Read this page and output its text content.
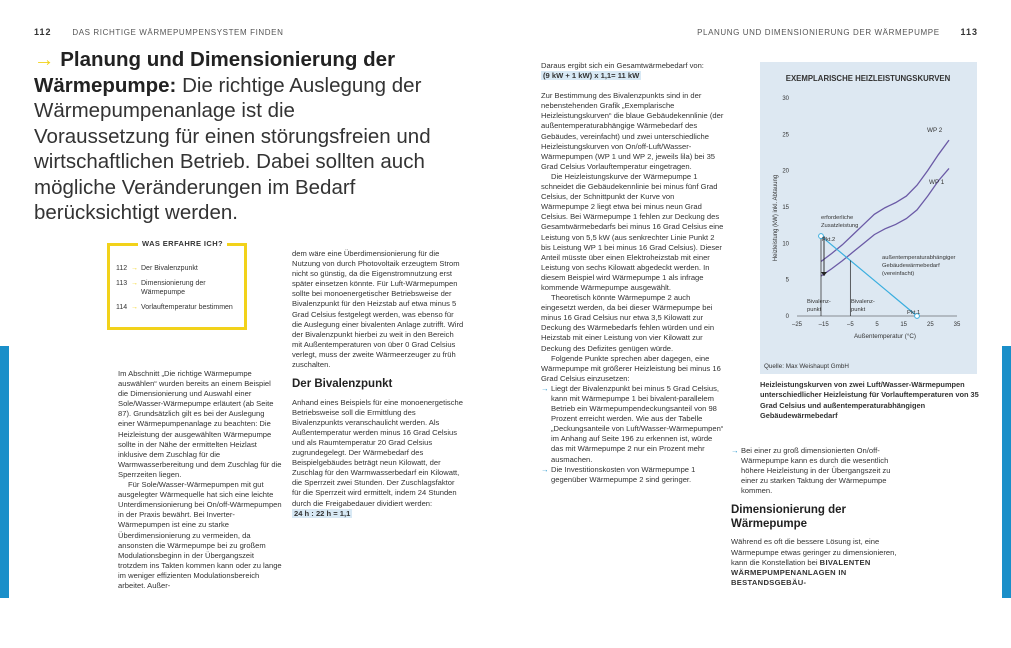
112	DAS RICHTIGE WÄRMEPUMPENSYSTEM FINDEN	PLANUNG UND DIMENSIONIERUNG DER WÄRMEPUMPE 113
→ Planung und Dimensionierung der Wärmepumpe: Die richtige Auslegung der Wärmepumpenanlage ist die Voraussetzung für einen störungsfreien und wirtschaftlichen Betrieb. Dabei sollten auch mögliche Veränderungen im Bedarf berücksichtigt werden.
WAS ERFAHRE ICH?
112 → Der Bivalenzpunkt
113 → Dimensionierung der Wärmepumpe
114 → Vorlauftemperatur bestimmen

Im Abschnitt „Die richtige Wärmepumpe auswählen“ wurden bereits an einem Beispiel die Dimensionierung und Auswahl einer Sole/Wasser-Wärmepumpe erläutert (ab Seite 87). Grundsätzlich gilt es bei der Auslegung einer Wärmepumpenanlage zu beachten: Die Heizleistung der ausgewählten Wärmepumpe sollte in der Nähe der ermittelten Heizlast inklusive dem Zuschlag für die Warmwasserbereitung und dem Zuschlag für die Sperrzeiten liegen.

Für Sole/Wasser-Wärmepumpen mit gut ausgelegter Wärmequelle hat sich eine leichte Unterdimensionierung bei On/off-Wärmepumpen in der Praxis bewährt. Bei Inverter-Wärmepumpen ist eine zu starke Überdimensionierung zu vermeiden, da ansonsten die Wärmepumpe bei zu großem Modulationsbeginn in der Übergangszeit trotzdem ins Takten kommen kann oder zu lange im weniger effizienten Modulationsbereich arbeitet. Außer-

dem wäre eine Überdimensionierung für die Nutzung von durch Photovoltaik erzeugtem Strom nicht so günstig, da die Eigenstromnutzung erst später einsetzen könnte. Für Luft-Wärmepumpen sollte bei monoenergetischer Betriebsweise der Bivalenzpunkt für den Heizstab auf etwa minus 5 Grad Celsius festgelegt werden, was ebenso für die Auslegung einer bivalenten Anlage zutrifft. Wird der Bivalenzpunkt hierbei zu weit in den Bereich mit Außentemperaturen von über 0 Grad Celsius verlegt, muss der zweite Wärmeerzeuger zu früh zuschalten.

Der Bivalenzpunkt

Anhand eines Beispiels für eine monoenergetische Betriebsweise soll die Ermittlung des Bivalenzpunkts veranschaulicht werden. Als Außentemperatur werden minus 16 Grad Celsius und als Raumtemperatur 20 Grad Celsius zugrundegelegt. Der Wärmebedarf des Beispielgebäudes beträgt neun Kilowatt, der Zuschlag für den Warmwasserbedarf ein Kilowatt, die Sperrzeit zwei Stunden. Der Zuschlagsfaktor für die Sperrzeit wird ermittelt, indem 24 Stunden durch die Freigabedauer dividiert werden:

24 h : 22 h = 1,1

Daraus ergibt sich ein Gesamtwärmebedarf von:

(9 kW + 1 kW) x 1,1= 11 kW

Zur Bestimmung des Bivalenzpunkts sind in der nebenstehenden Grafik „Exemplarische Heizleistungskurven“ die blaue Gebäudekennlinie (der außentemperaturabhängige Wärmebedarf des Gebäudes, vereinfacht) und zwei unterschiedliche Heizleistungskurven von On/off-Luft/Wasser-Wärmepumpen (WP 1 und WP 2, jeweils lila) bei 35 Grad Celsius Vorlauftemperatur eingetragen.

Die Heizleistungskurve der Wärmepumpe 1 schneidet die Gebäudekennlinie bei minus fünf Grad Celsius, der Schnittpunkt der Kurve von Wärmepumpe 2 liegt etwa bei minus neun Grad Celsius. Bei Wärmepumpe 1 fehlen zur Deckung des Gesamtwärmebedarfs bei minus 16 Grad Celsius eine Leistung von 5,5 kW (aus senkrechter Linie Punkt 2 bis Leistung WP 1 bei minus 16 Grad Celsius). Dieser Anteil müsste über einen Elektroheizstab mit einer Leistung von sechs Kilowatt abgedeckt werden. In diesem Beispiel wird Wärmepumpe 1 als infrage kommende Wärmepumpe ausgewählt.

Theoretisch könnte Wärmepumpe 2 auch eingesetzt werden, da bei dieser Wärmepumpe bei minus 16 Grad Celsius nur etwa 3,5 Kilowatt zur Deckung des Wärmebedarfs fehlen würden und ein Heizstab mit einer Leistung von vier Kilowatt zur Deckung des Defizites genügen würde.

Folgende Punkte sprechen aber dagegen, eine Wärmepumpe mit größerer Heizleistung bei minus 16 Grad Celsius einzusetzen:

→ Liegt der Bivalenzpunkt bei minus 5 Grad Celsius, kann mit Wärmepumpe 1 bei bivalent-parallelem Betrieb ein Wärmepumpendeckungsanteil von 98 Prozent erreicht werden. Wie aus der Tabelle „Deckungsanteile von Luft/Wasser-Wärmepumpen“ im Anhang auf Seite 196 zu erkennen ist, würde das mit Wärmepumpe 2 nur ein Prozent mehr ausmachen.
→ Die Investitionskosten von Wärmepumpe 1 gegenüber Wärmepumpe 2 sind geringer.
EXEMPLARISCHE HEIZLEISTUNGSKURVEN
Heizleistung (kW) inkl. Abtauung
Außentemperatur (°C)
Quelle: Max Weishaupt GmbH
0
5
10
15
20
25
30
–25	–15	–5	5	15	25	35
WP 2
WP 1
außentemperaturabhängiger
Gebäudewärmebedarf
(vereinfacht)
erforderliche
Zusatzleistung
Pkt.2
Pkt.1
Bivalenz-
punkt
Bivalenz-
punkt
Heizleistungskurven von zwei Luft/Wasser-Wärmepumpen unterschiedlicher Heizleistung für Vorlauftemperaturen von 35 Grad Celsius und außentemperaturabhängigen Gebäudewärmebedarf
→ Bei einer zu groß dimensionierten On/off-Wärmepumpe kann es durch die wesentlich höhere Heizleistung in der Übergangszeit zu einer zu starken Taktung der Wärmepumpe kommen.
Dimensionierung der Wärmepumpe

Während es oft die bessere Lösung ist, eine Wärmepumpe etwas geringer zu dimensionieren, kann die Konstellation bei BIVALENTEN WÄRMEPUMPENANLAGEN IN BESTANDSGEBÄU-
